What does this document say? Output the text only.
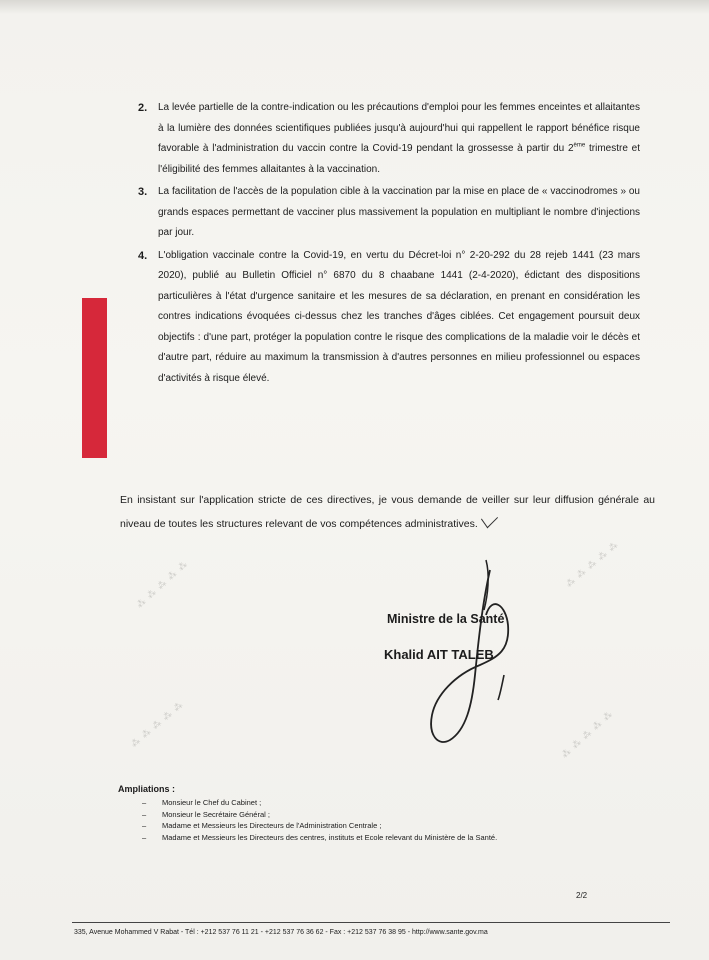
2. La levée partielle de la contre-indication ou les précautions d'emploi pour les femmes enceintes et allaitantes à la lumière des données scientifiques publiées jusqu'à aujourd'hui qui rappellent le rapport bénéfice risque favorable à l'administration du vaccin contre la Covid-19 pendant la grossesse à partir du 2ème trimestre et l'éligibilité des femmes allaitantes à la vaccination.
3. La facilitation de l'accès de la population cible à la vaccination par la mise en place de « vaccinodromes » ou grands espaces permettant de vacciner plus massivement la population en multipliant le nombre d'injections par jour.
4. L'obligation vaccinale contre la Covid-19, en vertu du Décret-loi n° 2-20-292 du 28 rejeb 1441 (23 mars 2020), publié au Bulletin Officiel n° 6870 du 8 chaabane 1441 (2-4-2020), édictant des dispositions particulières à l'état d'urgence sanitaire et les mesures de sa déclaration, en prenant en considération les contres indications évoquées ci-dessus chez les tranches d'âges ciblées. Cet engagement poursuit deux objectifs : d'une part, protéger la population contre le risque des complications de la maladie voir le décès et d'autre part, réduire au maximum la transmission à d'autres personnes en milieu professionnel ou espaces d'activités à risque élevé.
En insistant sur l'application stricte de ces directives, je vous demande de veiller sur leur diffusion générale au niveau de toutes les structures relevant de vos compétences administratives.
⁂ ⁂ ⁂ ⁂ ⁂	⁂ ⁂ ⁂ ⁂ ⁂
⁂ ⁂ ⁂ ⁂ ⁂	⁂ ⁂ ⁂ ⁂ ⁂
Ministre de la Santé
Khalid AIT TALEB
Ampliations :
– Monsieur le Chef du Cabinet ;
– Monsieur le Secrétaire Général ;
– Madame et Messieurs les Directeurs de l'Administration Centrale ;
– Madame et Messieurs les Directeurs des centres, instituts et Ecole relevant du Ministère de la Santé.
2/2
335, Avenue Mohammed V Rabat - Tél : +212 537 76 11 21 - +212 537 76 36 62 - Fax : +212 537 76 38 95 - http://www.sante.gov.ma
